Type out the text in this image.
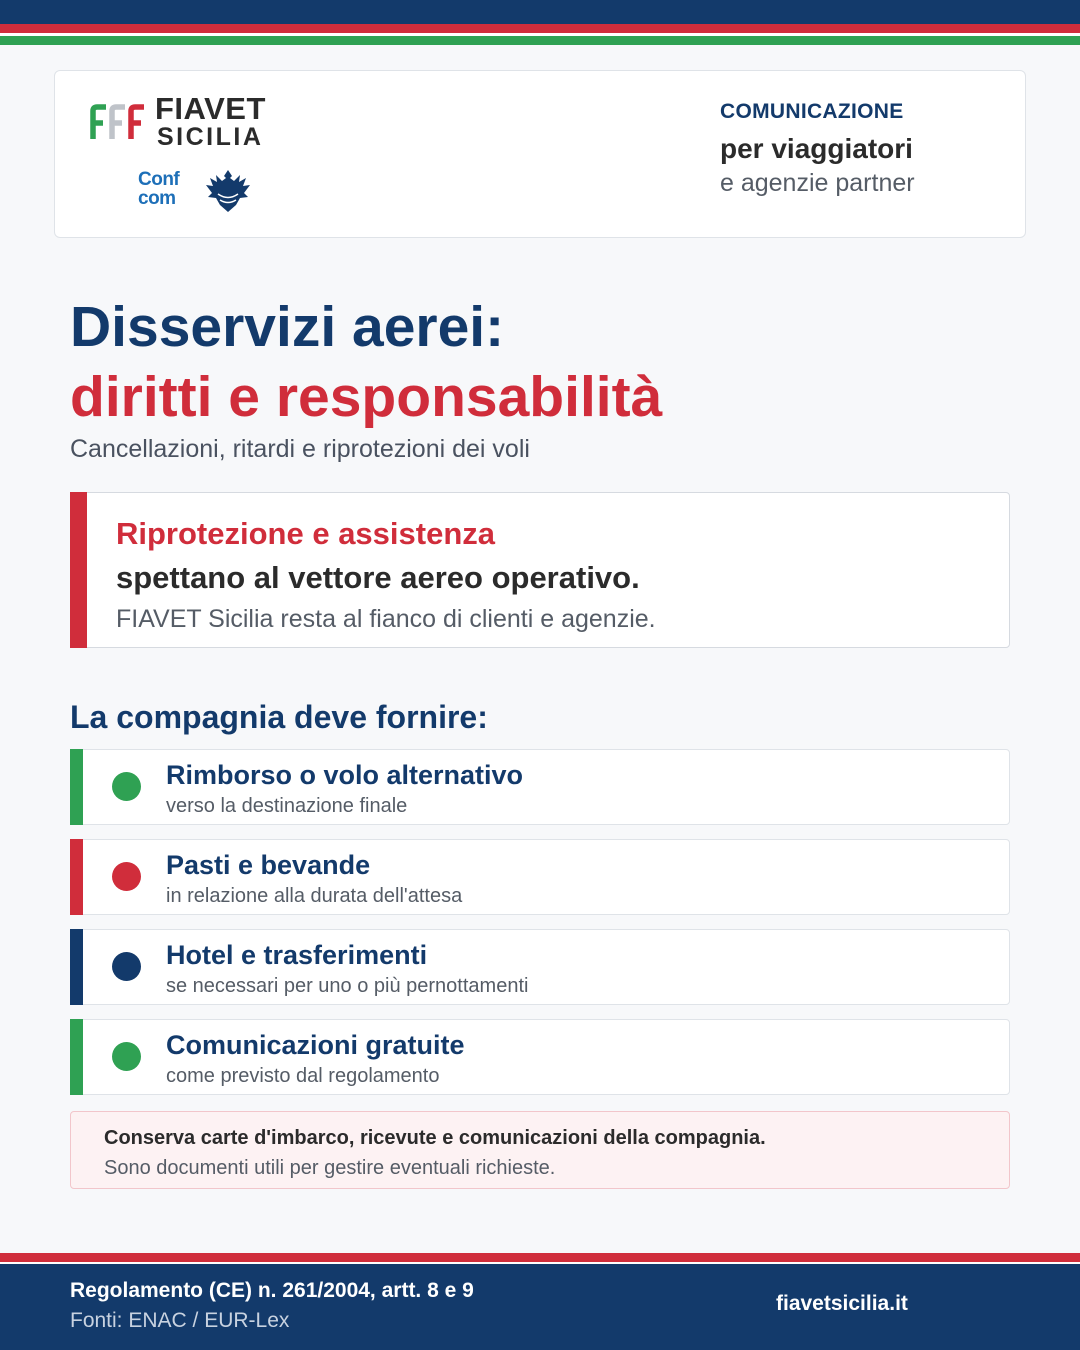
FIAVET
SICILIA
Conf
com
COMUNICAZIONE
per viaggiatori
e agenzie partner
Disservizi aerei:
diritti e responsabilità
Cancellazioni, ritardi e riprotezioni dei voli
Riprotezione e assistenza
spettano al vettore aereo operativo.
FIAVET Sicilia resta al fianco di clienti e agenzie.
La compagnia deve fornire:
Rimborso o volo alternativo
verso la destinazione finale
Pasti e bevande
in relazione alla durata dell'attesa
Hotel e trasferimenti
se necessari per uno o più pernottamenti
Comunicazioni gratuite
come previsto dal regolamento
Conserva carte d'imbarco, ricevute e comunicazioni della compagnia.
Sono documenti utili per gestire eventuali richieste.
Regolamento (CE) n. 261/2004, artt. 8 e 9
Fonti: ENAC / EUR-Lex
fiavetsicilia.it
